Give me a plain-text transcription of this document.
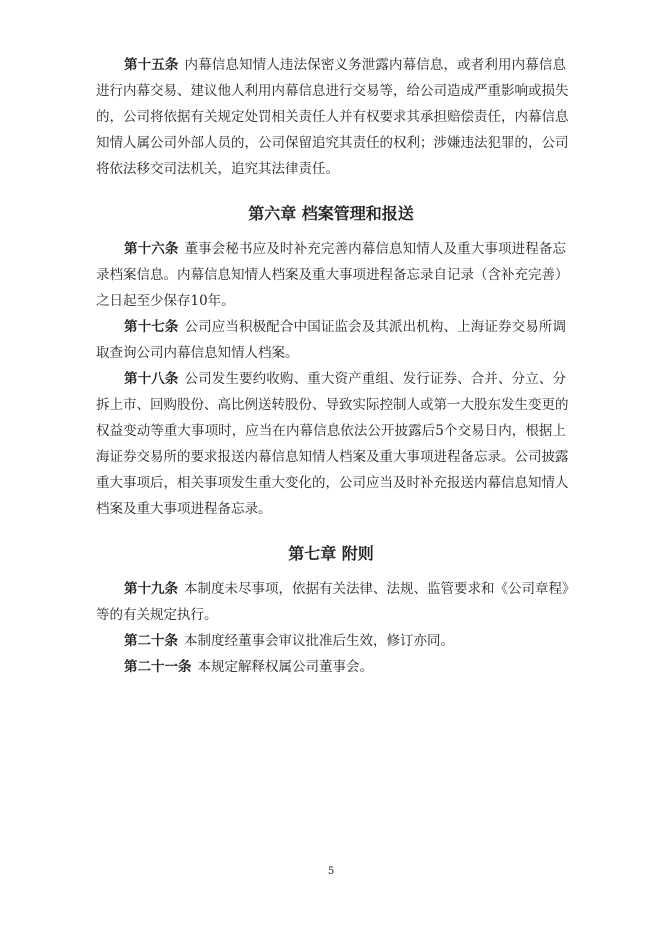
第十五条 内幕信息知情人违法保密义务泄露内幕信息，或者利用内幕信息
进行内幕交易、建议他人利用内幕信息进行交易等，给公司造成严重影响或损失
的，公司将依据有关规定处罚相关责任人并有权要求其承担赔偿责任，内幕信息
知情人属公司外部人员的，公司保留追究其责任的权利；涉嫌违法犯罪的，公司
将依法移交司法机关，追究其法律责任。
第六章 档案管理和报送
第十六条 董事会秘书应及时补充完善内幕信息知情人及重大事项进程备忘
录档案信息。内幕信息知情人档案及重大事项进程备忘录自记录（含补充完善）
之日起至少保存10年。
第十七条 公司应当积极配合中国证监会及其派出机构、上海证券交易所调
取查询公司内幕信息知情人档案。
第十八条 公司发生要约收购、重大资产重组、发行证券、合并、分立、分
拆上市、回购股份、高比例送转股份、导致实际控制人或第一大股东发生变更的
权益变动等重大事项时，应当在内幕信息依法公开披露后5个交易日内，根据上
海证券交易所的要求报送内幕信息知情人档案及重大事项进程备忘录。公司披露
重大事项后，相关事项发生重大变化的，公司应当及时补充报送内幕信息知情人
档案及重大事项进程备忘录。
第七章 附则
第十九条 本制度未尽事项，依据有关法律、法规、监管要求和《公司章程》
等的有关规定执行。
第二十条 本制度经董事会审议批准后生效，修订亦同。
第二十一条 本规定解释权属公司董事会。
5
